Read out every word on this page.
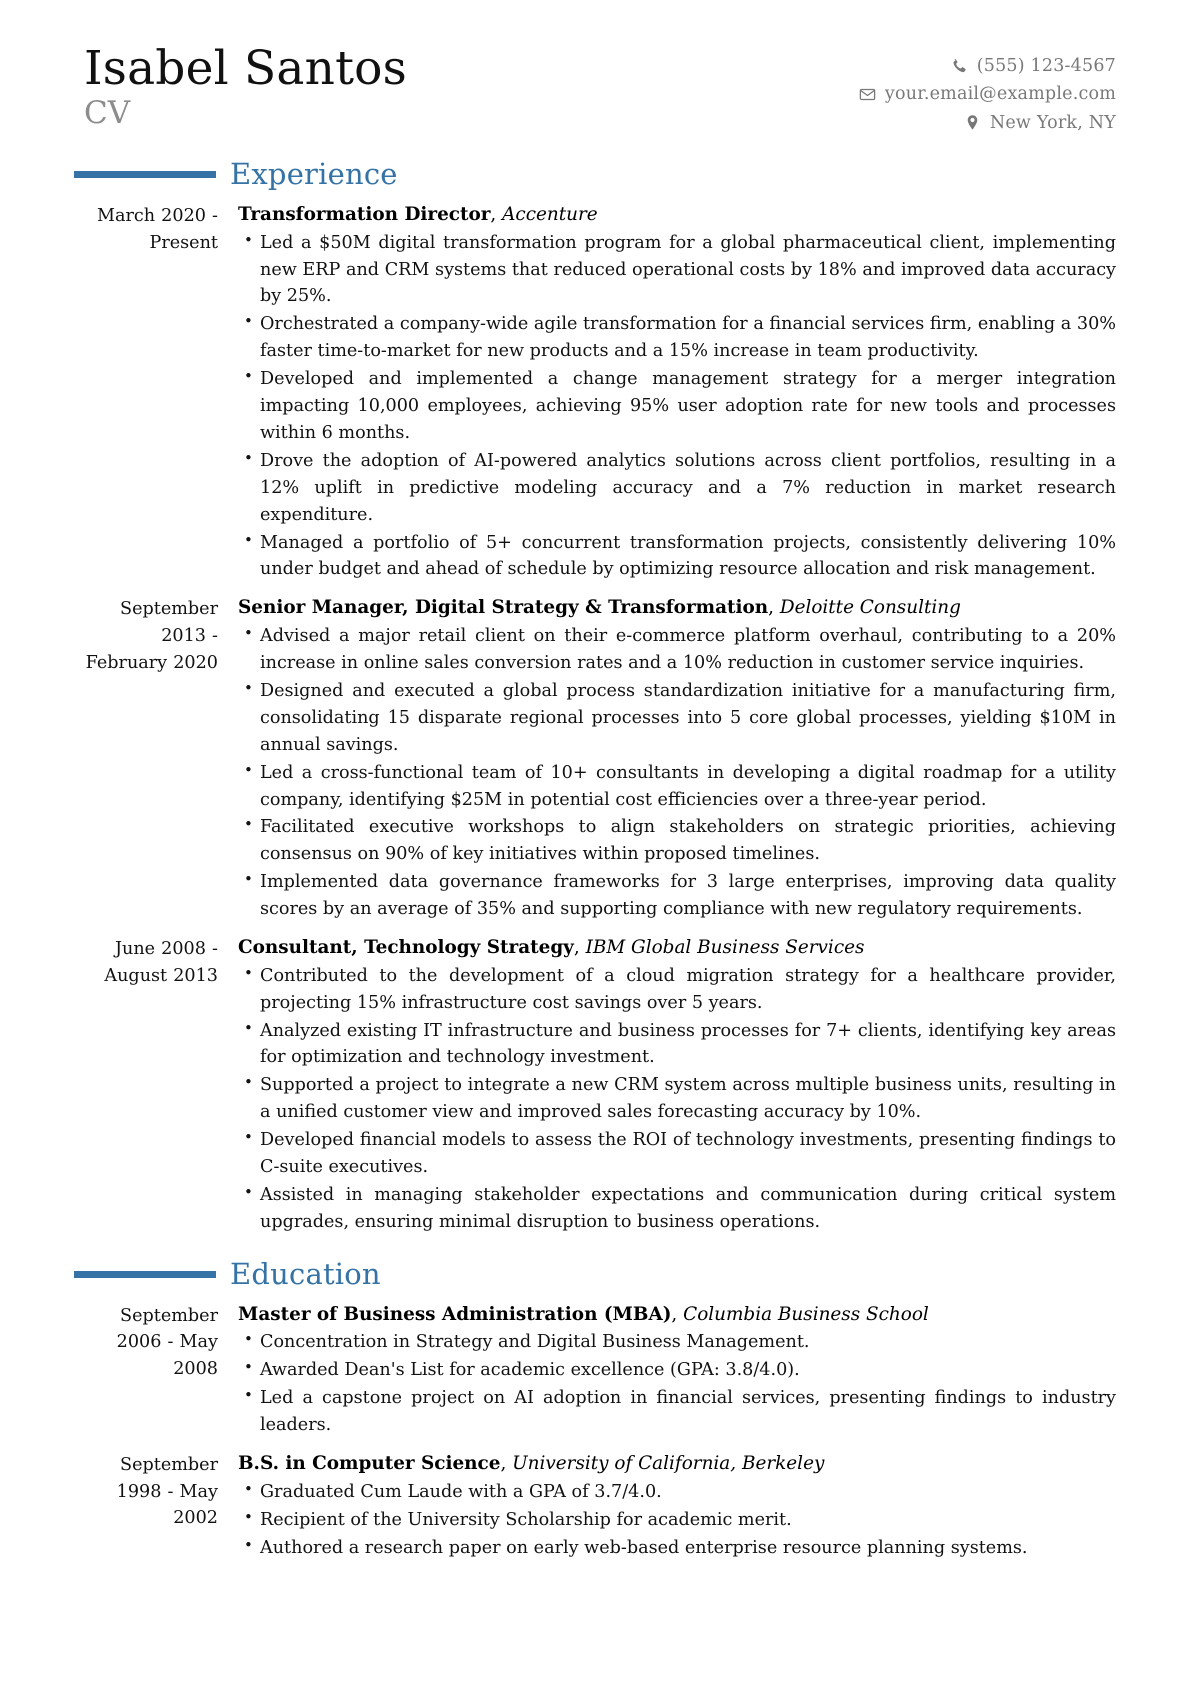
Isabel Santos
CV
(555) 123-4567
your.email@example.com
New York, NY
Experience
March 2020 - Present
Transformation Director, Accenture
• Led a $50M digital transformation program for a global pharmaceutical client, implementing new ERP and CRM systems that reduced operational costs by 18% and improved data accuracy by 25%.
• Orchestrated a company-wide agile transformation for a financial services firm, enabling a 30% faster time-to-market for new products and a 15% increase in team productivity.
• Developed and implemented a change management strategy for a merger integration impacting 10,000 employees, achieving 95% user adoption rate for new tools and processes within 6 months.
• Drove the adoption of AI-powered analytics solutions across client portfolios, resulting in a 12% uplift in predictive modeling accuracy and a 7% reduction in market research expenditure.
• Managed a portfolio of 5+ concurrent transformation projects, consistently delivering 10% under budget and ahead of schedule by optimizing resource allocation and risk management.
September 2013 - February 2020
Senior Manager, Digital Strategy & Transformation, Deloitte Consulting
• Advised a major retail client on their e-commerce platform overhaul, contributing to a 20% increase in online sales conversion rates and a 10% reduction in customer service inquiries.
• Designed and executed a global process standardization initiative for a manufacturing firm, consolidating 15 disparate regional processes into 5 core global processes, yielding $10M in annual savings.
• Led a cross-functional team of 10+ consultants in developing a digital roadmap for a utility company, identifying $25M in potential cost efficiencies over a three-year period.
• Facilitated executive workshops to align stakeholders on strategic priorities, achieving consensus on 90% of key initiatives within proposed timelines.
• Implemented data governance frameworks for 3 large enterprises, improving data quality scores by an average of 35% and supporting compliance with new regulatory requirements.
June 2008 - August 2013
Consultant, Technology Strategy, IBM Global Business Services
• Contributed to the development of a cloud migration strategy for a healthcare provider, projecting 15% infrastructure cost savings over 5 years.
• Analyzed existing IT infrastructure and business processes for 7+ clients, identifying key areas for optimization and technology investment.
• Supported a project to integrate a new CRM system across multiple business units, resulting in a unified customer view and improved sales forecasting accuracy by 10%.
• Developed financial models to assess the ROI of technology investments, presenting findings to C-suite executives.
• Assisted in managing stakeholder expectations and communication during critical system upgrades, ensuring minimal disruption to business operations.
Education
September 2006 - May 2008
Master of Business Administration (MBA), Columbia Business School
• Concentration in Strategy and Digital Business Management.
• Awarded Dean's List for academic excellence (GPA: 3.8/4.0).
• Led a capstone project on AI adoption in financial services, presenting findings to industry leaders.
September 1998 - May 2002
B.S. in Computer Science, University of California, Berkeley
• Graduated Cum Laude with a GPA of 3.7/4.0.
• Recipient of the University Scholarship for academic merit.
• Authored a research paper on early web-based enterprise resource planning systems.
